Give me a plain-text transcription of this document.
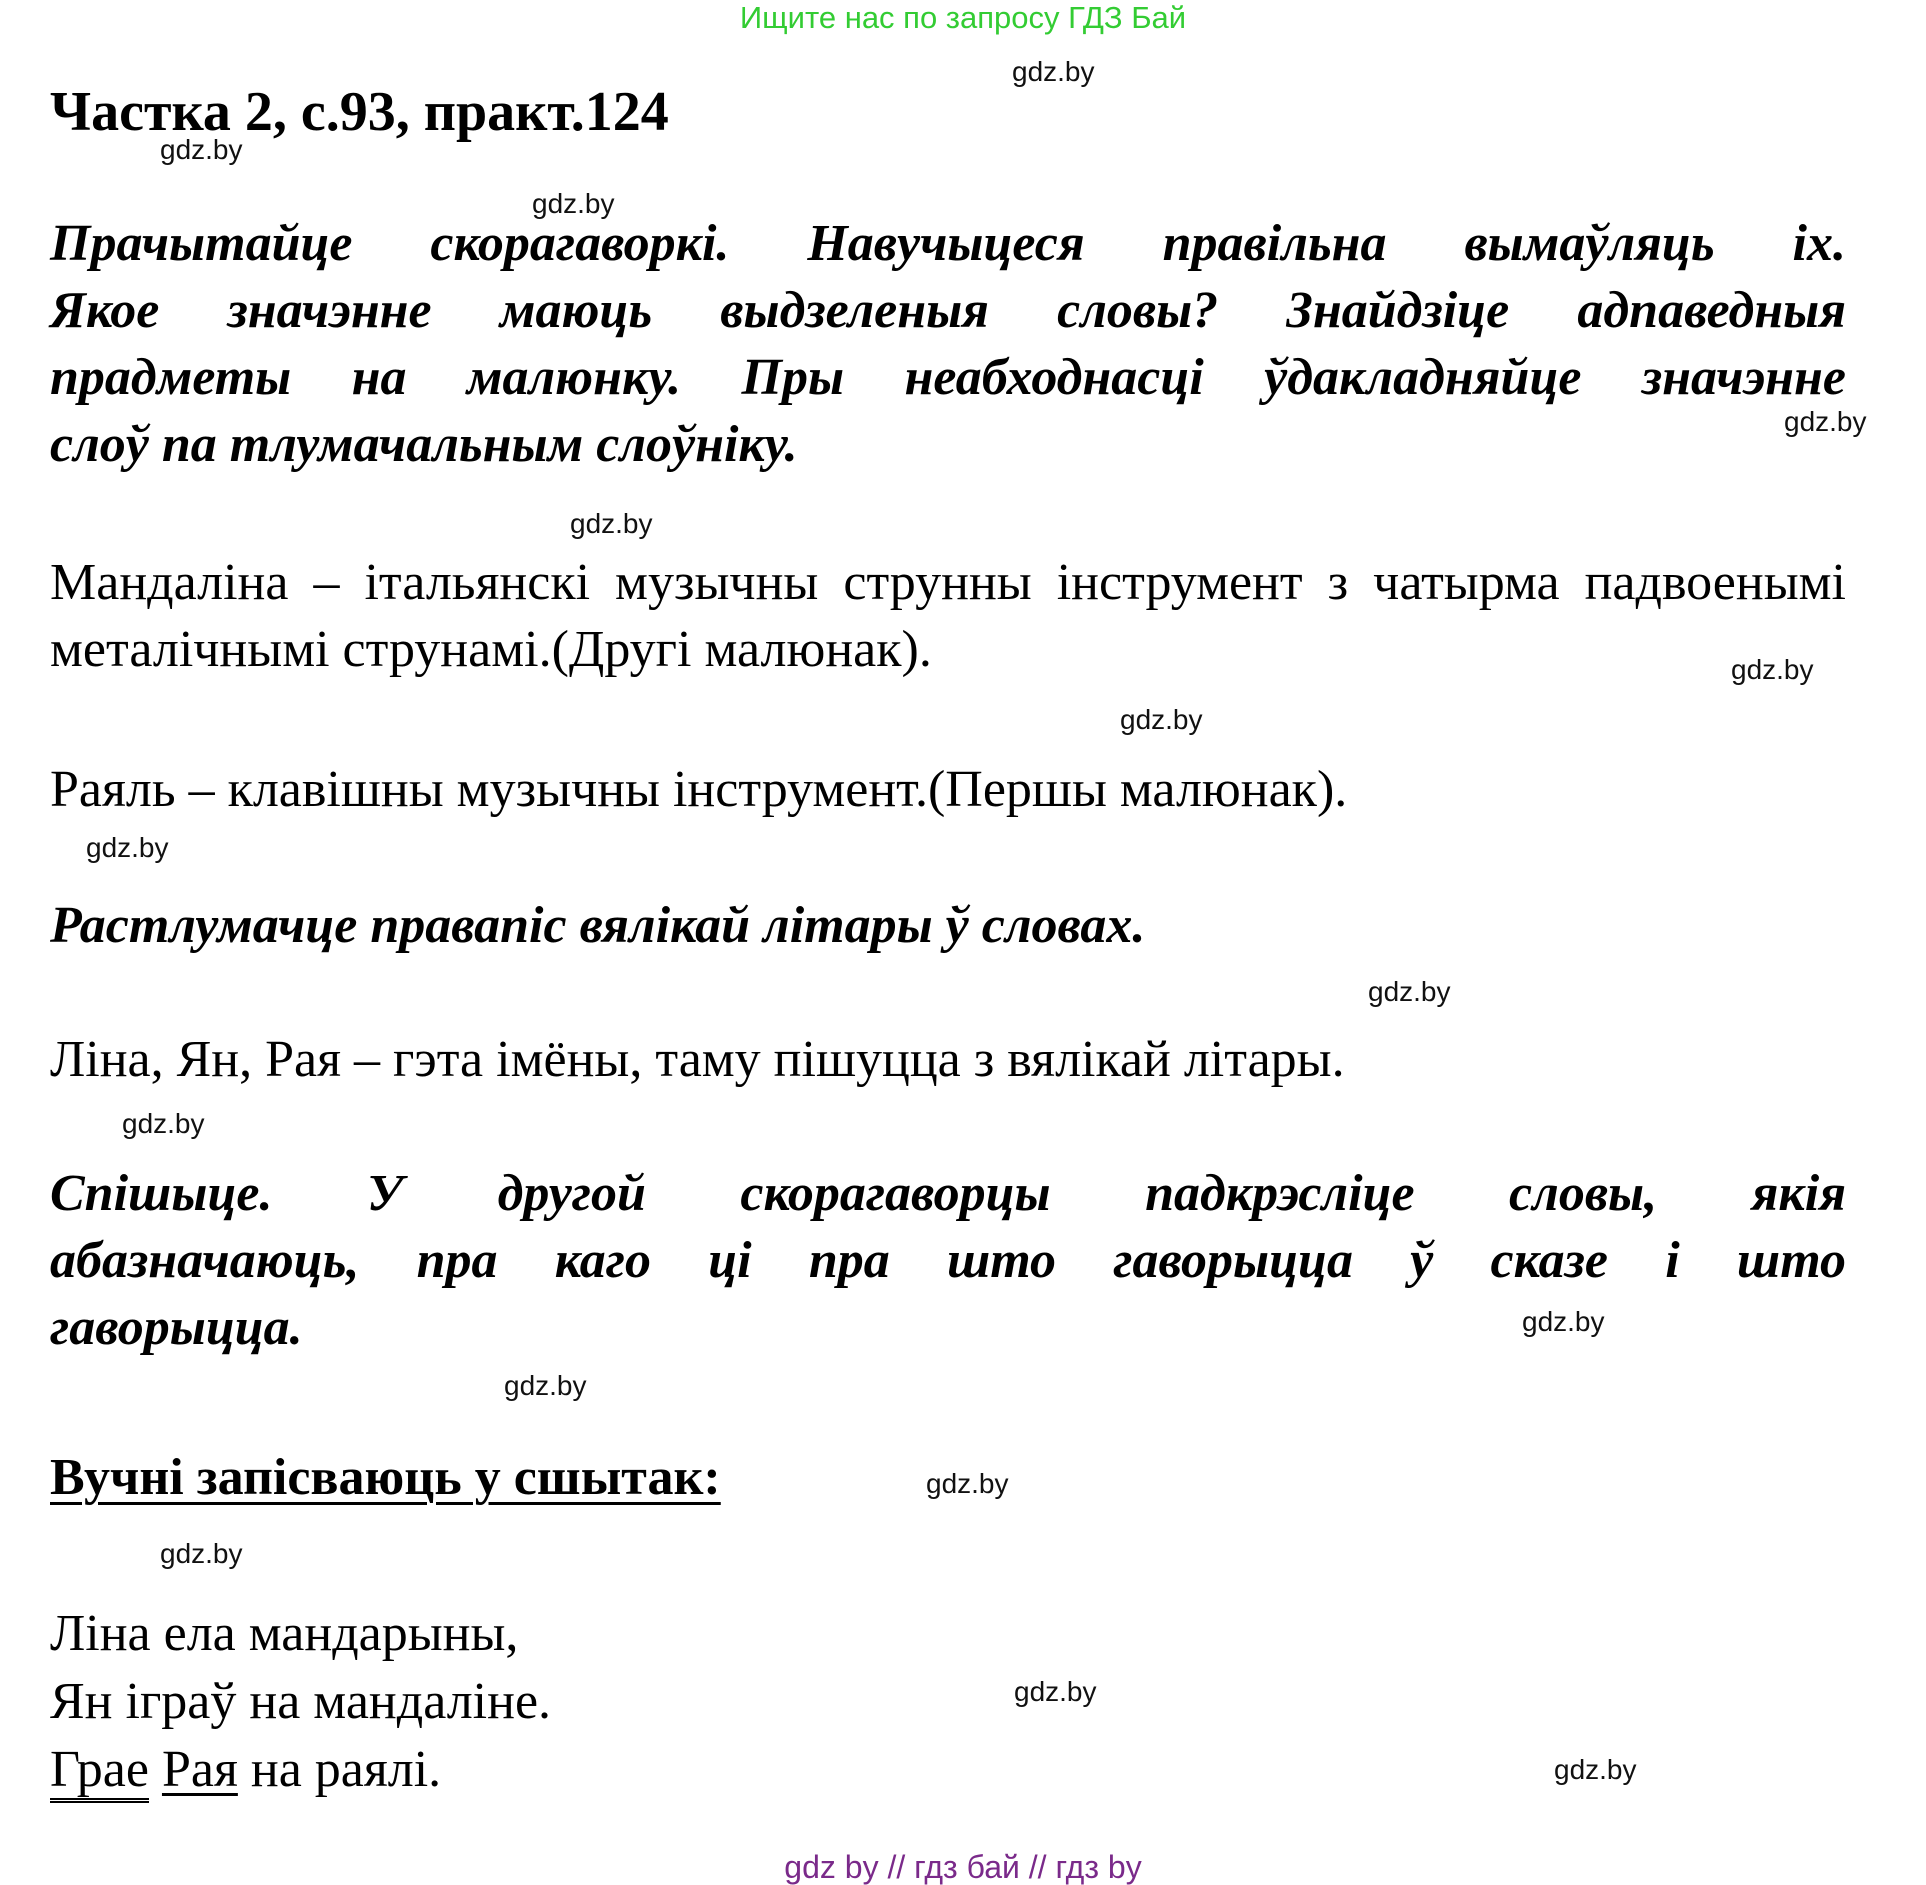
Ищите нас по запросу ГДЗ Бай
Частка 2, с.93, практ.124

Прачытайце скорагаворкі. Навучыцеся правільна вымаўляць іх.

Якое значэнне маюць выдзеленыя словы? Знайдзіце адпаведныя

прадметы на малюнку. Пры неабходнасці ўдакладняйце значэнне

слоў па тлумачальным слоўніку.

Мандаліна – італьянскі музычны струнны інструмент з чатырма падвоенымі металічнымі струнамі.(Другі малюнак).

Раяль – клавішны музычны інструмент.(Першы малюнак).

Растлумачце правапіс вялікай літары ў словах.

Ліна, Ян, Рая – гэта імёны, таму пішуцца з вялікай літары.

Спішыце. У другой скорагаворцы падкрэсліце словы, якія

абазначаюць, пра каго ці пра што гаворыцца ў сказе і што

гаворыцца.

Вучні запісваюць у сшытак:
Ліна ела мандарыны,
Ян іграў на мандаліне.
Грае Рая на раялі.
gdz.by
gdz.by
gdz.by
gdz.by
gdz.by
gdz.by
gdz.by
gdz.by
gdz.by
gdz.by
gdz.by
gdz.by
gdz.by
gdz.by
gdz.by
gdz.by
gdz by // гдз бай // гдз by
